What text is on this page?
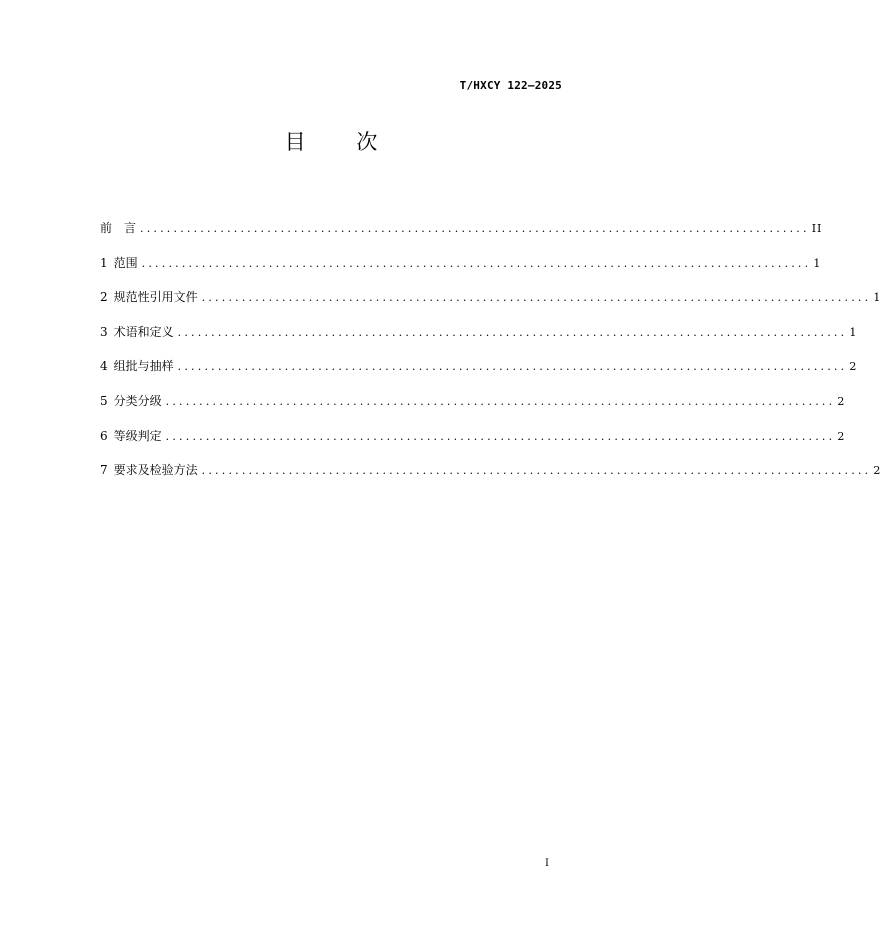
T/HXCY 122—2025
目 次
前　言 .................................................................................................... II
1 范围 .................................................................................................... 1
2 规范性引用文件 .................................................................................................... 1
3 术语和定义 .................................................................................................... 1
4 组批与抽样 .................................................................................................... 2
5 分类分级 .................................................................................................... 2
6 等级判定 .................................................................................................... 2
7 要求及检验方法 .................................................................................................... 2
I
